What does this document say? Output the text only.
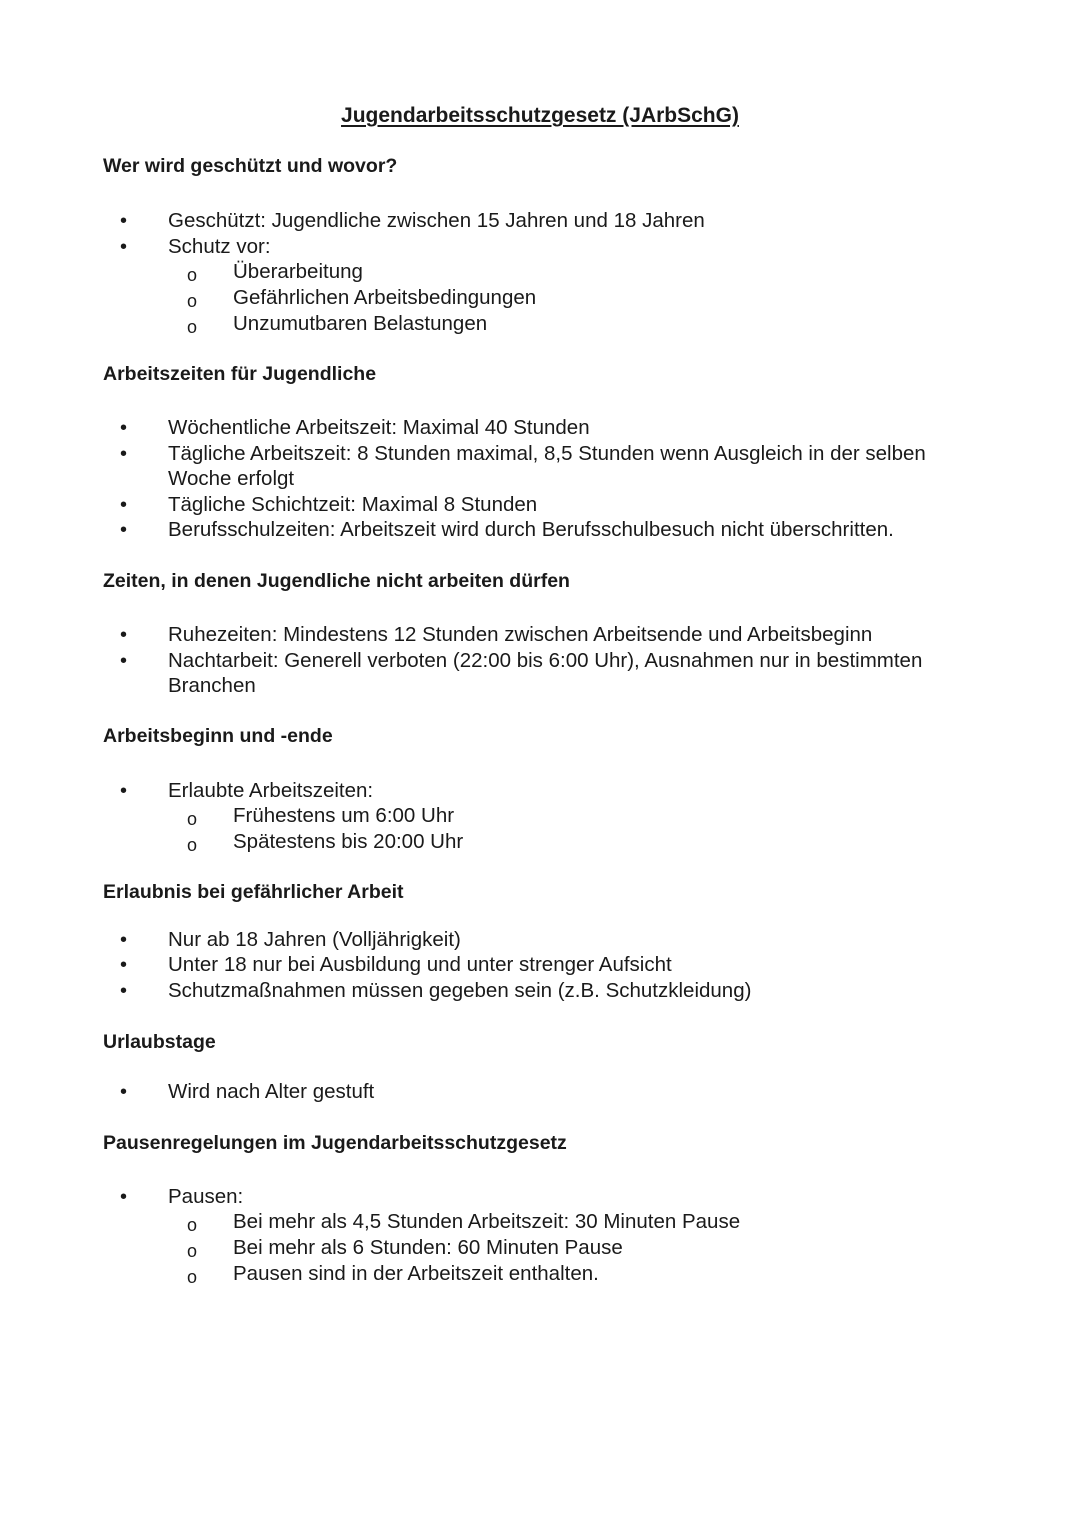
Jugendarbeitsschutzgesetz (JArbSchG)
Wer wird geschützt und wovor?
• Geschützt: Jugendliche zwischen 15 Jahren und 18 Jahren
• Schutz vor:
o Überarbeitung
o Gefährlichen Arbeitsbedingungen
o Unzumutbaren Belastungen
Arbeitszeiten für Jugendliche
• Wöchentliche Arbeitszeit: Maximal 40 Stunden
• Tägliche Arbeitszeit: 8 Stunden maximal, 8,5 Stunden wenn Ausgleich in der selben
Woche erfolgt
• Tägliche Schichtzeit: Maximal 8 Stunden
• Berufsschulzeiten: Arbeitszeit wird durch Berufsschulbesuch nicht überschritten.
Zeiten, in denen Jugendliche nicht arbeiten dürfen
• Ruhezeiten: Mindestens 12 Stunden zwischen Arbeitsende und Arbeitsbeginn
• Nachtarbeit: Generell verboten (22:00 bis 6:00 Uhr), Ausnahmen nur in bestimmten
Branchen
Arbeitsbeginn und -ende
• Erlaubte Arbeitszeiten:
o Frühestens um 6:00 Uhr
o Spätestens bis 20:00 Uhr
Erlaubnis bei gefährlicher Arbeit
• Nur ab 18 Jahren (Volljährigkeit)
• Unter 18 nur bei Ausbildung und unter strenger Aufsicht
• Schutzmaßnahmen müssen gegeben sein (z.B. Schutzkleidung)
Urlaubstage
• Wird nach Alter gestuft
Pausenregelungen im Jugendarbeitsschutzgesetz
• Pausen:
o Bei mehr als 4,5 Stunden Arbeitszeit: 30 Minuten Pause
o Bei mehr als 6 Stunden: 60 Minuten Pause
o Pausen sind in der Arbeitszeit enthalten.
